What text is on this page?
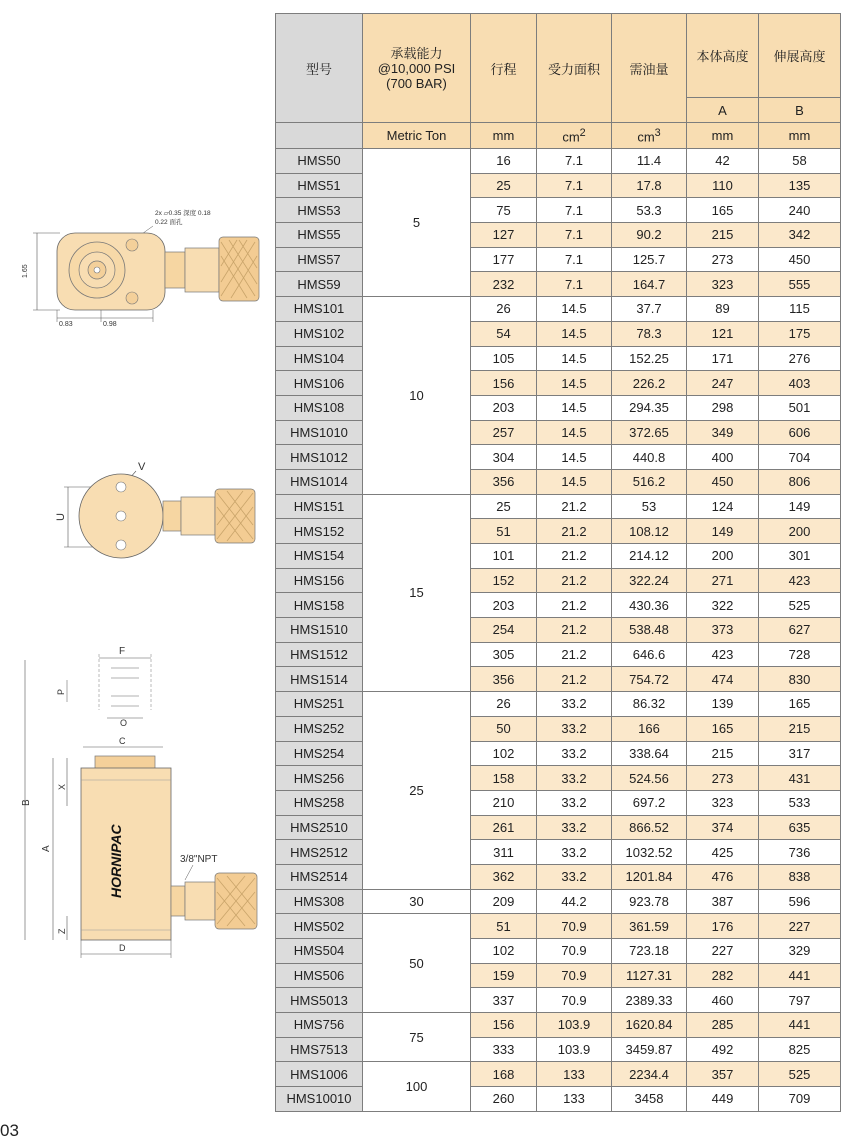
1.65
0.83	0.98
2x ▱0.35 深度 0.18
0.22 面孔
V
U
F
P
O
C
B
A
X
Z
HORNIPAC	3/8"NPT
D
型号	承载能力
@10,000 PSI
(700 BAR)	行程	受力面积	需油量	本体高度	伸展高度
					A	B
	Metric Ton	mm	$cm^2$	$cm^3$	mm	mm
HMS50	5	16	7.1	11.4	42	58
HMS51		25	7.1	17.8	110	135
HMS53		75	7.1	53.3	165	240
HMS55		127	7.1	90.2	215	342
HMS57		177	7.1	125.7	273	450
HMS59		232	7.1	164.7	323	555
HMS101	10	26	14.5	37.7	89	115
HMS102		54	14.5	78.3	121	175
HMS104		105	14.5	152.25	171	276
HMS106		156	14.5	226.2	247	403
HMS108		203	14.5	294.35	298	501
HMS1010		257	14.5	372.65	349	606
HMS1012		304	14.5	440.8	400	704
HMS1014		356	14.5	516.2	450	806
HMS151	15	25	21.2	53	124	149
HMS152		51	21.2	108.12	149	200
HMS154		101	21.2	214.12	200	301
HMS156		152	21.2	322.24	271	423
HMS158		203	21.2	430.36	322	525
HMS1510		254	21.2	538.48	373	627
HMS1512		305	21.2	646.6	423	728
HMS1514		356	21.2	754.72	474	830
HMS251	25	26	33.2	86.32	139	165
HMS252		50	33.2	166	165	215
HMS254		102	33.2	338.64	215	317
HMS256		158	33.2	524.56	273	431
HMS258		210	33.2	697.2	323	533
HMS2510		261	33.2	866.52	374	635
HMS2512		311	33.2	1032.52	425	736
HMS2514		362	33.2	1201.84	476	838
HMS308	30	209	44.2	923.78	387	596
HMS502	50	51	70.9	361.59	176	227
HMS504		102	70.9	723.18	227	329
HMS506		159	70.9	1127.31	282	441
HMS5013		337	70.9	2389.33	460	797
HMS756	75	156	103.9	1620.84	285	441
HMS7513		333	103.9	3459.87	492	825
HMS1006	100	168	133	2234.4	357	525
HMS10010		260	133	3458	449	709
03
